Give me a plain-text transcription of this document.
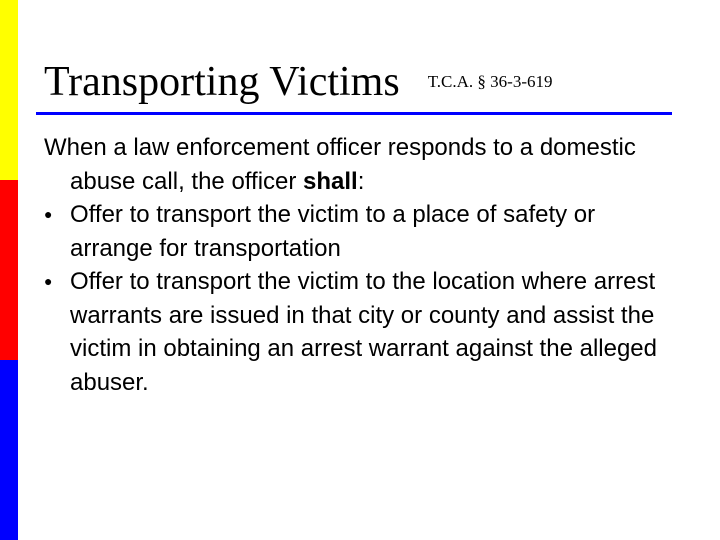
Transporting Victims T.C.A. § 36-3-619

When a law enforcement officer responds to a domestic abuse call, the officer shall:

● Offer to transport the victim to a place of safety or arrange for transportation

● Offer to transport the victim to the location where arrest warrants are issued in that city or county and assist the victim in obtaining an arrest warrant against the alleged abuser.
